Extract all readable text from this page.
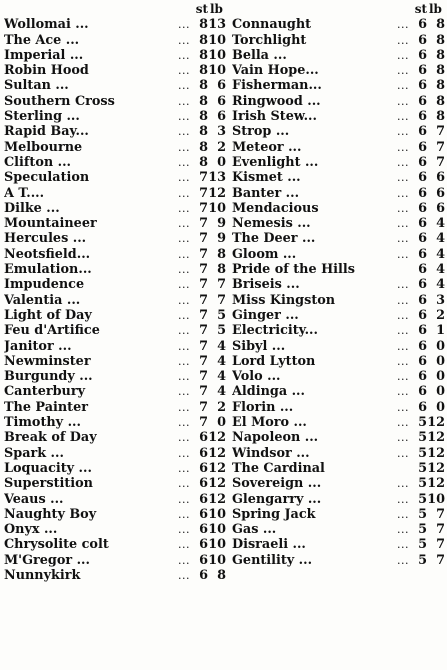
st lb
Wollomai ...	... 8 13
The Ace ...	... 8 10
Imperial ...	... 8 10
Robin Hood	... 8 10
Sultan ...	... 8 6
Southern Cross	... 8 6
Sterling ...	... 8 6
Rapid Bay...	... 8 3
Melbourne	... 8 2
Clifton ...	... 8 0
Speculation	... 7 13
A T....	... 7 12
Dilke ...	... 7 10
Mountaineer	... 7 9
Hercules ...	... 7 9
Neotsfield...	... 7 8
Emulation...	... 7 8
Impudence	... 7 7
Valentia ...	... 7 7
Light of Day	... 7 5
Feu d'Artifice	... 7 5
Janitor ...	... 7 4
Newminster	... 7 4
Burgundy ...	... 7 4
Canterbury	... 7 4
The Painter	... 7 2
Timothy ...	... 7 0
Break of Day	... 6 12
Spark ...	... 6 12
Loquacity ...	... 6 12
Superstition	... 6 12
Veaus ...	... 6 12
Naughty Boy	... 6 10
Onyx ...	... 6 10
Chrysolite colt	... 6 10
M'Gregor ...	... 6 10
Nunnykirk	... 6 8
st lb
Connaught	... 6 8
Torchlight	... 6 8
Bella ...	... 6 8
Vain Hope...	... 6 8
Fisherman...	... 6 8
Ringwood ...	... 6 8
Irish Stew...	... 6 8
Strop ...	... 6 7
Meteor ...	... 6 7
Evenlight ...	... 6 7
Kismet ...	... 6 6
Banter ...	... 6 6
Mendacious	... 6 6
Nemesis ...	... 6 4
The Deer ...	... 6 4
Gloom ...	... 6 4
Pride of the Hills	6 4
Briseis ...	... 6 4
Miss Kingston	... 6 3
Ginger ...	... 6 2
Electricity...	... 6 1
Sibyl ...	... 6 0
Lord Lytton	... 6 0
Volo ...	... 6 0
Aldinga ...	... 6 0
Florin ...	... 6 0
El Moro ...	... 5 12
Napoleon ...	... 5 12
Windsor ...	... 5 12
The Cardinal	5 12
Sovereign ...	... 5 12
Glengarry ...	... 5 10
Spring Jack	... 5 7
Gas ...	... 5 7
Disraeli ...	... 5 7
Gentility ...	... 5 7
